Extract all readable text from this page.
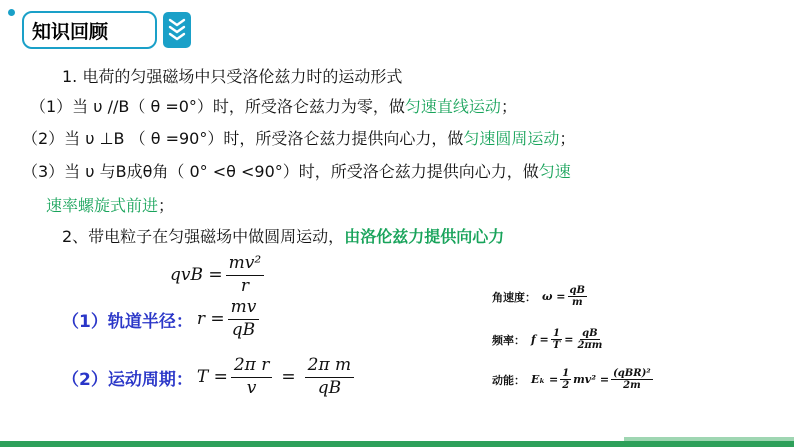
知识回顾
1. 电荷的匀强磁场中只受洛伦兹力时的运动形式
（1）当 υ //B（ θ =0°）时，所受洛仑兹力为零，做匀速直线运动；
（2）当 υ ⊥B （ θ =90°）时，所受洛仑兹力提供向心力，做匀速圆周运动；
（3）当 υ 与B成θ角（ 0° <θ <90°）时，所受洛仑兹力提供向心力，做匀速
速率螺旋式前进；
2、带电粒子在匀强磁场中做圆周运动，由洛伦兹力提供向心力
qvB = $\frac{\text{mv²}}{r}$
（1）轨道半径： $r = \frac{mv}{qB}$
（2）运动周期： $T = \frac{\text{2π r}}{v} = \frac{\text{2π m}}{qB}$
角速度： $\omega = \frac{qB}{m}$
频率： $f = \frac{1}{T} = \frac{qB}{2\pi m}$
动能： $E_k = \frac{1}{2} mv^2 = \frac{\text{(qBR)²}}{2m}$
